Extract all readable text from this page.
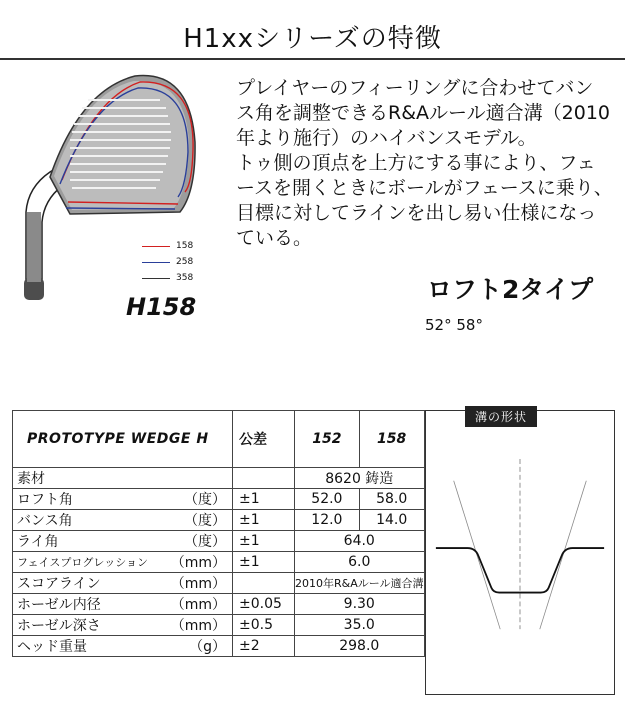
H1xxシリーズの特徴
158
258
358
H158

プレイヤーのフィーリングに合わせてバン

ス角を調整できるR&Aルール適合溝（2010

年より施行）のハイバンスモデル。

トゥ側の頂点を上方にする事により、フェ

ースを開くときにボールがフェースに乗り、

目標に対してラインを出し易い仕様になっ

ている。

ロフト2タイプ
52° 58°
PROTOTYPE WEDGE H		公差	152	158
素材			8620 鋳造	
ロフト角	（度）	±1	52.0	58.0
バンス角	（度）	±1	12.0	14.0
ライ角	（度）	±1	64.0	
フェイスプログレッション	（mm）	±1	6.0	
スコアライン	（mm）		2010年R&Aルール適合溝	
ホーゼル内径	（mm）	±0.05	9.30	
ホーゼル深さ	（mm）	±0.5	35.0	
ヘッド重量	（g）	±2	298.0	
溝の形状
